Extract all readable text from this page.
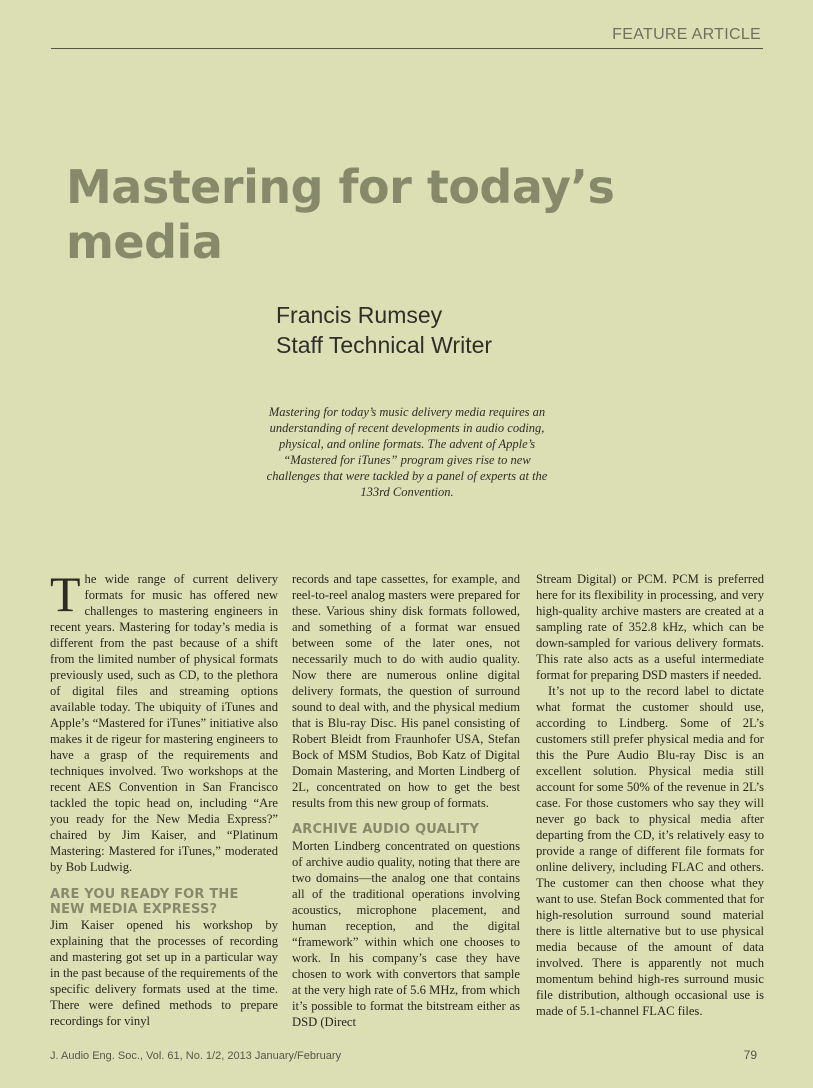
FEATURE ARTICLE
Mastering for today’s media
Francis Rumsey
Staff Technical Writer
Mastering for today’s music delivery media requires an understanding of recent developments in audio coding, physical, and online formats. The advent of Apple’s “Mastered for iTunes” program gives rise to new challenges that were tackled by a panel of experts at the 133rd Convention.

The wide range of current delivery formats for music has offered new challenges to mastering engineers in recent years. Mastering for today’s media is different from the past because of a shift from the limited number of physical formats previously used, such as CD, to the plethora of digital files and streaming options available today. The ubiquity of iTunes and Apple’s “Mastered for iTunes” initiative also makes it de rigeur for mastering engineers to have a grasp of the requirements and techniques involved. Two workshops at the recent AES Convention in San Francisco tackled the topic head on, including “Are you ready for the New Media Express?” chaired by Jim Kaiser, and “Platinum Mastering: Mastered for iTunes,” moderated by Bob Ludwig.

ARE YOU READY FOR THE
NEW MEDIA EXPRESS?

Jim Kaiser opened his workshop by explaining that the processes of recording and mastering got set up in a particular way in the past because of the requirements of the specific delivery formats used at the time. There were defined methods to prepare recordings for vinyl

records and tape cassettes, for example, and reel-to-reel analog masters were prepared for these. Various shiny disk formats followed, and something of a format war ensued between some of the later ones, not necessarily much to do with audio quality. Now there are numerous online digital delivery formats, the question of surround sound to deal with, and the physical medium that is Blu-ray Disc. His panel consisting of Robert Bleidt from Fraunhofer USA, Stefan Bock of MSM Studios, Bob Katz of Digital Domain Mastering, and Morten Lindberg of 2L, concentrated on how to get the best results from this new group of formats.

ARCHIVE AUDIO QUALITY

Morten Lindberg concentrated on questions of archive audio quality, noting that there are two domains—the analog one that contains all of the traditional operations involving acoustics, microphone placement, and human reception, and the digital “framework” within which one chooses to work. In his company’s case they have chosen to work with convertors that sample at the very high rate of 5.6 MHz, from which it’s possible to format the bitstream either as DSD (Direct

Stream Digital) or PCM. PCM is preferred here for its flexibility in processing, and very high-quality archive masters are created at a sampling rate of 352.8 kHz, which can be down-sampled for various delivery formats. This rate also acts as a useful intermediate format for preparing DSD masters if needed.

It’s not up to the record label to dictate what format the customer should use, according to Lindberg. Some of 2L’s customers still prefer physical media and for this the Pure Audio Blu-ray Disc is an excellent solution. Physical media still account for some 50% of the revenue in 2L’s case. For those customers who say they will never go back to physical media after departing from the CD, it’s relatively easy to provide a range of different file formats for online delivery, including FLAC and others. The customer can then choose what they want to use. Stefan Bock commented that for high-resolution surround sound material there is little alternative but to use physical media because of the amount of data involved. There is apparently not much momentum behind high-res surround music file distribution, although occasional use is made of 5.1-channel FLAC files.

J. Audio Eng. Soc., Vol. 61, No. 1/2, 2013 January/February	79
